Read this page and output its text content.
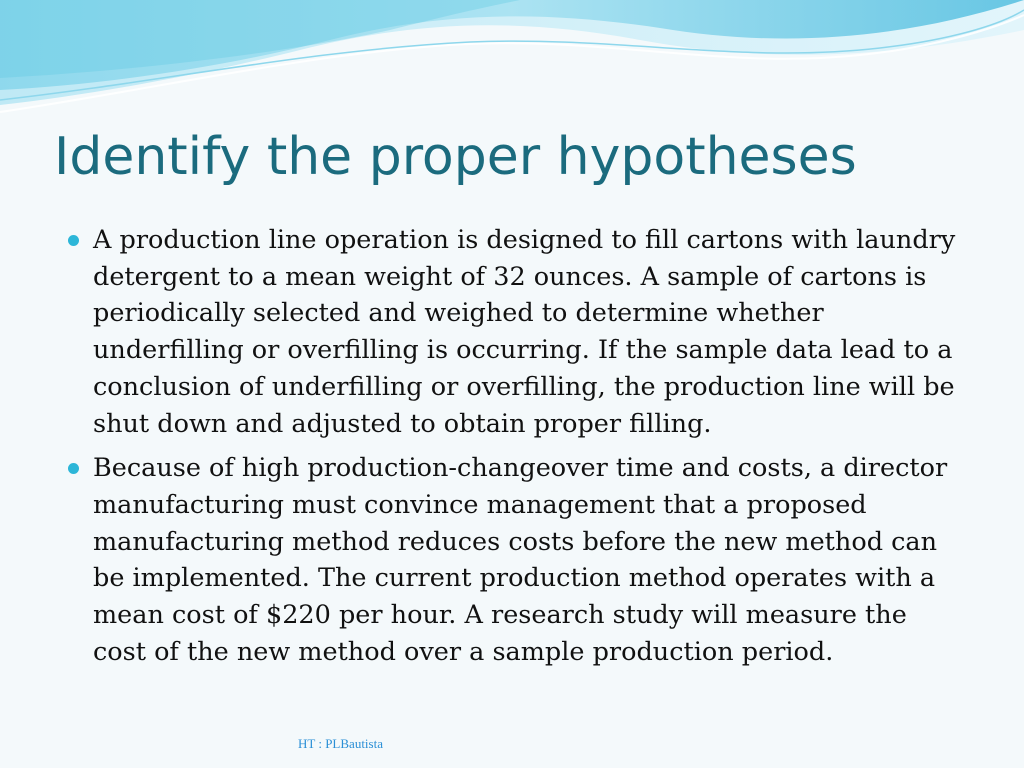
Identify the proper hypotheses
A production line operation is designed to fill cartons with laundry detergent to a mean weight of 32 ounces. A sample of cartons is periodically selected and weighed to determine whether underfilling or overfilling is occurring. If the sample data lead to a conclusion of underfilling or overfilling, the production line will be shut down and adjusted to obtain proper filling.
Because of high production-changeover time and costs, a director manufacturing must convince management that a proposed manufacturing method reduces costs before the new method can be implemented. The current production method operates with a mean cost of $220 per hour. A research study will measure the cost of the new method over a sample production period.
HT : PLBautista
